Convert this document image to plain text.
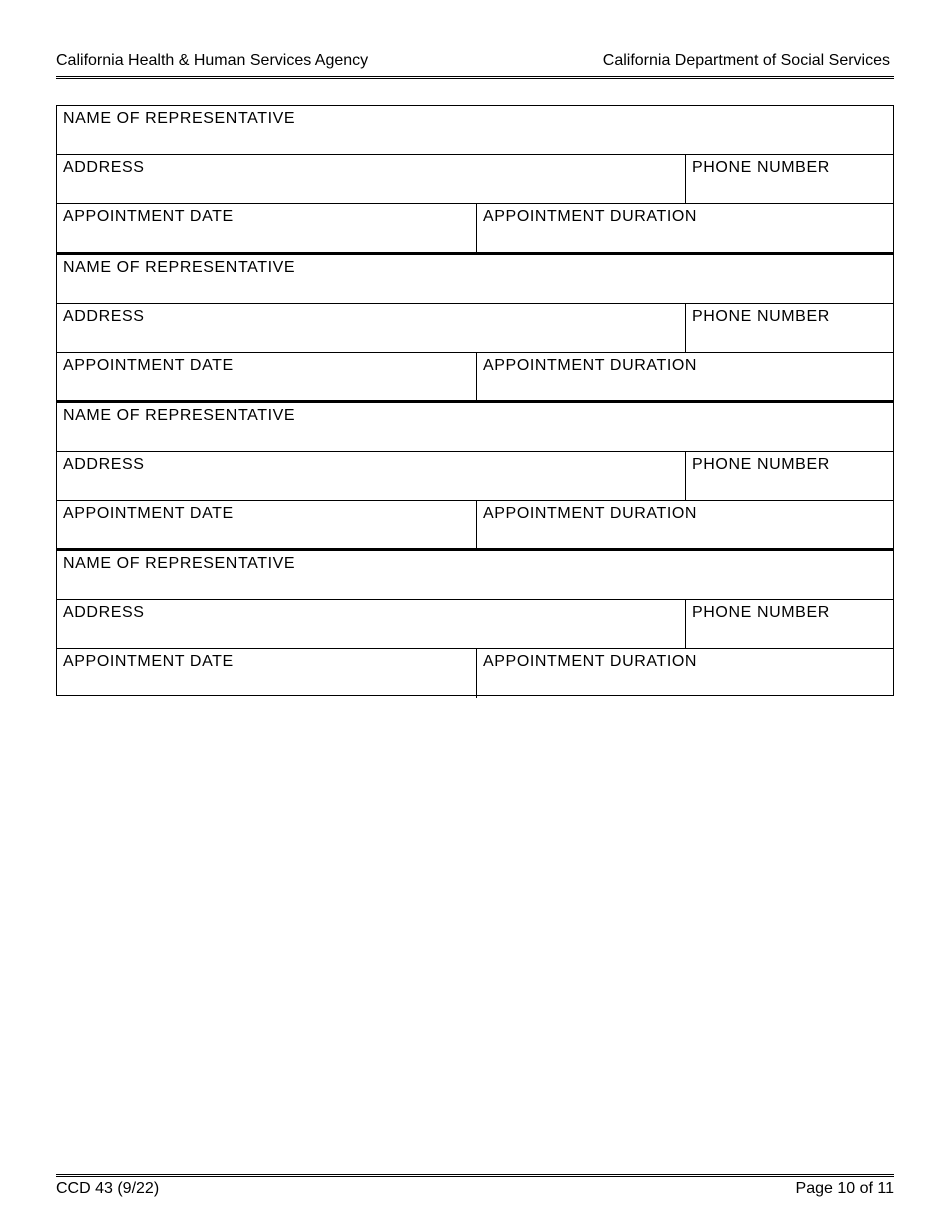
California Health & Human Services Agency	California Department of Social Services
NAME OF REPRESENTATIVE
ADDRESS	PHONE NUMBER
APPOINTMENT DATE	APPOINTMENT DURATION
NAME OF REPRESENTATIVE
ADDRESS	PHONE NUMBER
APPOINTMENT DATE	APPOINTMENT DURATION
NAME OF REPRESENTATIVE
ADDRESS	PHONE NUMBER
APPOINTMENT DATE	APPOINTMENT DURATION
NAME OF REPRESENTATIVE
ADDRESS	PHONE NUMBER
APPOINTMENT DATE	APPOINTMENT DURATION
CCD 43 (9/22)	Page 10 of 11
